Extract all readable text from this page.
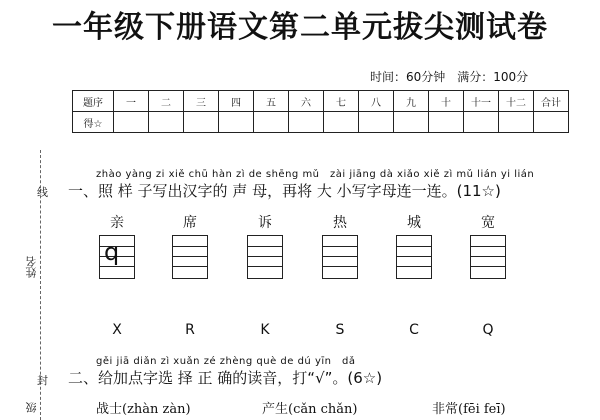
一年级下册语文第二单元拔尖测试卷
线
姓名
封
级
时间：60分钟　满分：100分
题序	一	二	三	四	五	六	七	八	九	十	十一	十二	合计
得☆													
zhào yàng zi xiě chū hàn zì de shēng mǔ　zài jiāng dà xiǎo xiě zì mǔ lián yi lián
一、照 样 子写出汉字的 声 母，再将 大 小写字母连一连。(11☆)
亲	席	诉	热	城	宽
q
X	R	K	S	C	Q
gěi jiā diǎn zì xuǎn zé zhèng què de dú yīn　dǎ
二、给加点字选 择 正 确的读音，打“√”。(6☆)
战士(zhàn zàn)	产生(cǎn chǎn)	非常(fēi feī)
